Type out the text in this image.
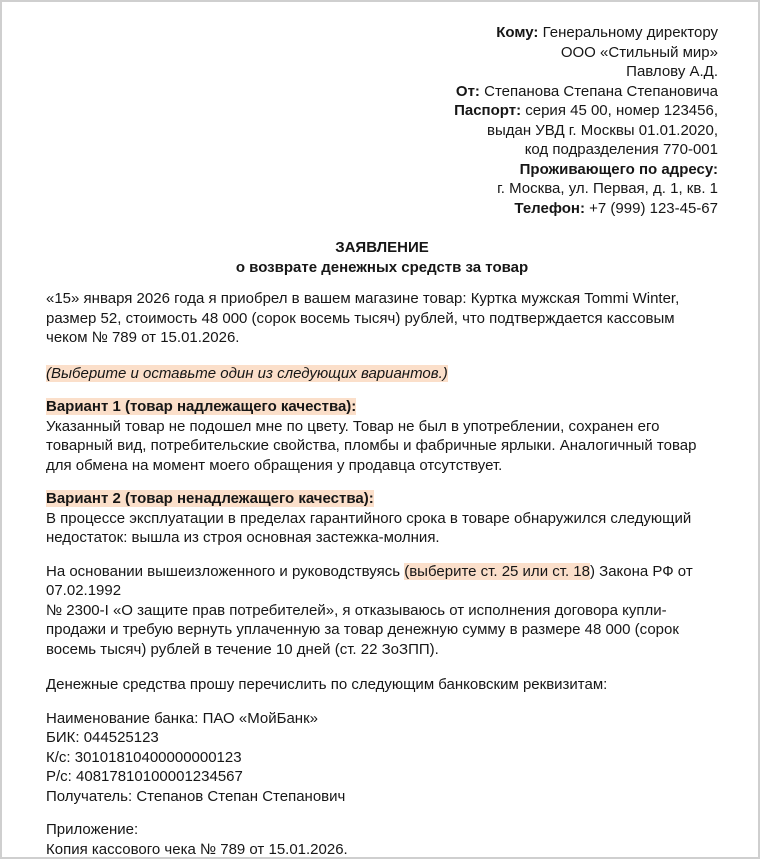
Кому: Генеральному директору
ООО «Стильный мир»
Павлову А.Д.
От: Степанова Степана Степановича
Паспорт: серия 45 00, номер 123456,
выдан УВД г. Москвы 01.01.2020,
код подразделения 770-001
Проживающего по адресу:
г. Москва, ул. Первая, д. 1, кв. 1
Телефон: +7 (999) 123-45-67
ЗАЯВЛЕНИЕ
о возврате денежных средств за товар
«15» января 2026 года я приобрел в вашем магазине товар: Куртка мужская Tommi Winter, размер 52, стоимость 48 000 (сорок восемь тысяч) рублей, что подтверждается кассовым чеком № 789 от 15.01.2026.
(Выберите и оставьте один из следующих вариантов.)
Вариант 1 (товар надлежащего качества):
Указанный товар не подошел мне по цвету. Товар не был в употреблении, сохранен его товарный вид, потребительские свойства, пломбы и фабричные ярлыки. Аналогичный товар для обмена на момент моего обращения у продавца отсутствует.
Вариант 2 (товар ненадлежащего качества):
В процессе эксплуатации в пределах гарантийного срока в товаре обнаружился следующий недостаток: вышла из строя основная застежка-молния.
На основании вышеизложенного и руководствуясь (выберите ст. 25 или ст. 18) Закона РФ от 07.02.1992
№ 2300-I «О защите прав потребителей», я отказываюсь от исполнения договора купли-продажи и требую вернуть уплаченную за товар денежную сумму в размере 48 000 (сорок восемь тысяч) рублей в течение 10 дней (ст. 22 ЗоЗПП).
Денежные средства прошу перечислить по следующим банковским реквизитам:
Наименование банка: ПАО «МойБанк»
БИК: 044525123
К/с: 30101810400000000123
Р/с: 40817810100001234567
Получатель: Степанов Степан Степанович
Приложение:
Копия кассового чека № 789 от 15.01.2026.
